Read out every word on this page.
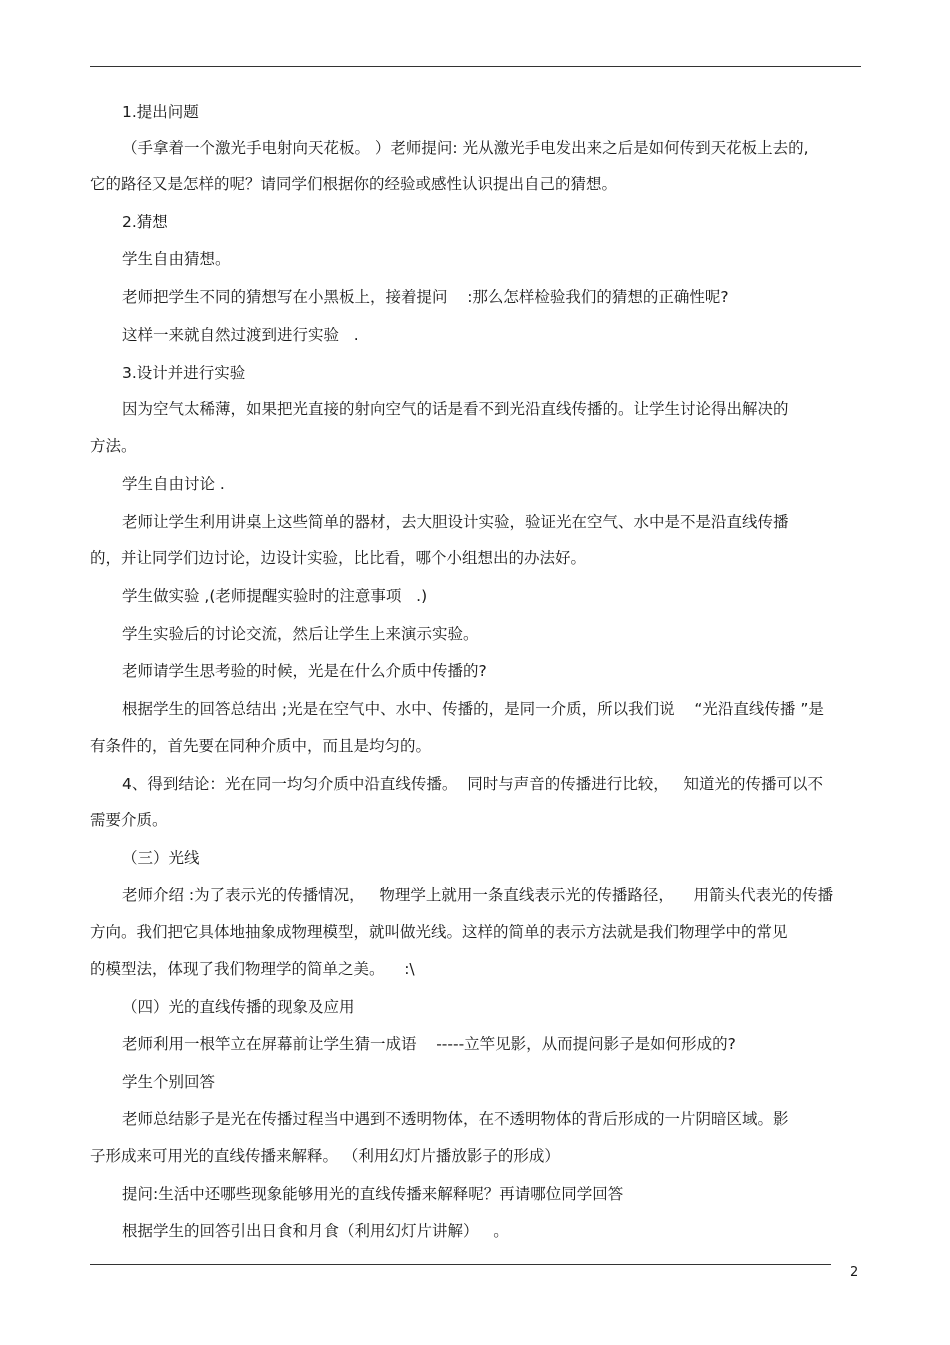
1.提出问题
（手拿着一个激光手电射向天花板。 ）老师提问: 光从激光手电发出来之后是如何传到天花板上去的,
它的路径又是怎样的呢？请同学们根据你的经验或感性认识提出自己的猜想。
2.猜想
学生自由猜想。
老师把学生不同的猜想写在小黑板上，接着提问    :那么怎样检验我们的猜想的正确性呢?
这样一来就自然过渡到进行实验   .
3.设计并进行实验
因为空气太稀薄，如果把光直接的射向空气的话是看不到光沿直线传播的。让学生讨论得出解决的
方法。
学生自由讨论 .
老师让学生利用讲桌上这些简单的器材，去大胆设计实验，验证光在空气、水中是不是沿直线传播
的，并让同学们边讨论，边设计实验，比比看，哪个小组想出的办法好。
学生做实验 ,(老师提醒实验时的注意事项   .)
学生实验后的讨论交流，然后让学生上来演示实验。
老师请学生思考验的时候，光是在什么介质中传播的?
根据学生的回答总结出 ;光是在空气中、水中、传播的，是同一介质，所以我们说    “光沿直线传播 ”是
有条件的，首先要在同种介质中，而且是均匀的。
4、得到结论：光在同一均匀介质中沿直线传播。  同时与声音的传播进行比较，   知道光的传播可以不
需要介质。
（三）光线
老师介绍 :为了表示光的传播情况，   物理学上就用一条直线表示光的传播路径，    用箭头代表光的传播
方向。我们把它具体地抽象成物理模型，就叫做光线。这样的简单的表示方法就是我们物理学中的常见
的模型法，体现了我们物理学的简单之美。    :\
（四）光的直线传播的现象及应用
老师利用一根竿立在屏幕前让学生猜一成语    -----立竿见影，从而提问影子是如何形成的?
学生个别回答
老师总结影子是光在传播过程当中遇到不透明物体，在不透明物体的背后形成的一片阴暗区域。影
子形成来可用光的直线传播来解释。 （利用幻灯片播放影子的形成）
提问:生活中还哪些现象能够用光的直线传播来解释呢？再请哪位同学回答
根据学生的回答引出日食和月食（利用幻灯片讲解）   。
2
